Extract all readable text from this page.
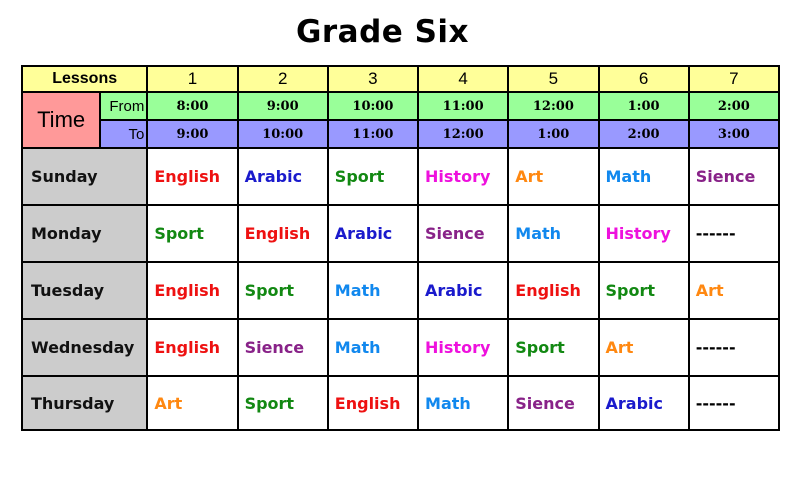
Grade Six
Lessons		1	2	3	4	5	6	7
Time	From	8:00	9:00	10:00	11:00	12:00	1:00	2:00
	To	9:00	10:00	11:00	12:00	1:00	2:00	3:00
Sunday		English	Arabic	Sport	History	Art	Math	Sience
Monday		Sport	English	Arabic	Sience	Math	History	------
Tuesday		English	Sport	Math	Arabic	English	Sport	Art
Wednesday		English	Sience	Math	History	Sport	Art	------
Thursday		Art	Sport	English	Math	Sience	Arabic	------
